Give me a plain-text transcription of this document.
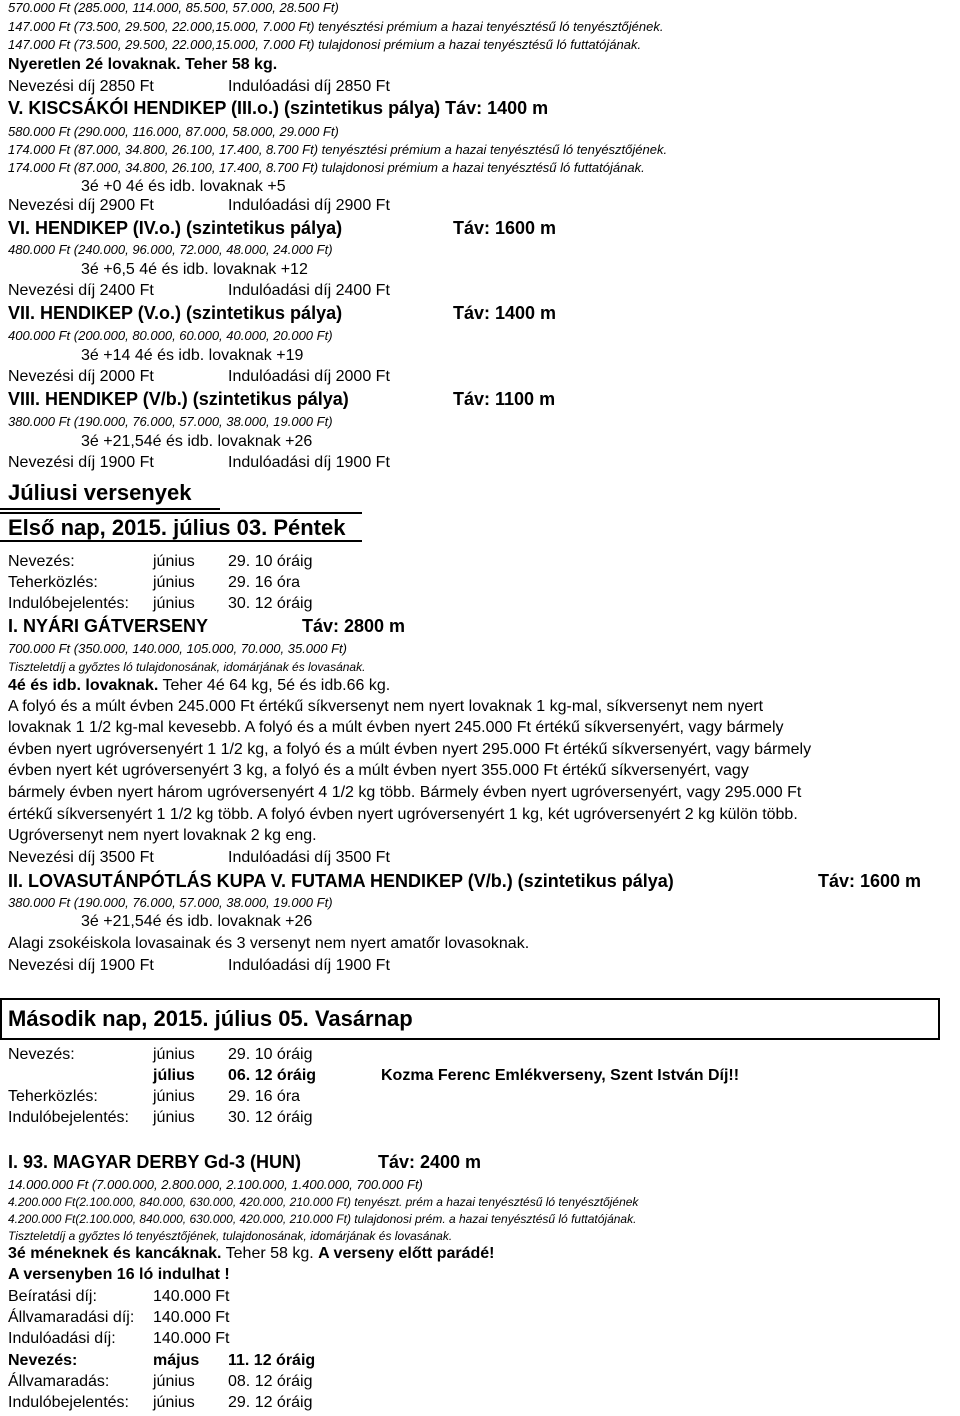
570.000 Ft (285.000, 114.000, 85.500, 57.000, 28.500 Ft)
147.000 Ft (73.500, 29.500, 22.000,15.000, 7.000 Ft) tenyésztési prémium a hazai tenyésztésű ló tenyésztőjének.
147.000 Ft (73.500, 29.500, 22.000,15.000, 7.000 Ft) tulajdonosi prémium a hazai tenyésztésű ló futtatójának.
Nyeretlen 2é lovaknak. Teher 58 kg.
Nevezési díj 2850 Ft	Indulóadási díj 2850 Ft
V. KISCSÁKÓI HENDIKEP (III.o.) (szintetikus pálya) Táv: 1400 m
580.000 Ft (290.000, 116.000, 87.000, 58.000, 29.000 Ft)
174.000 Ft (87.000, 34.800, 26.100, 17.400, 8.700 Ft) tenyésztési prémium a hazai tenyésztésű ló tenyésztőjének.
174.000 Ft (87.000, 34.800, 26.100, 17.400, 8.700 Ft) tulajdonosi prémium a hazai tenyésztésű ló futtatójának.
3é +0 4é és idb. lovaknak +5
Nevezési díj 2900 Ft	Indulóadási díj 2900 Ft
VI. HENDIKEP (IV.o.) (szintetikus pálya)	Táv: 1600 m
480.000 Ft (240.000, 96.000, 72.000, 48.000, 24.000 Ft)
3é +6,5 4é és idb. lovaknak +12
Nevezési díj 2400 Ft	Indulóadási díj 2400 Ft
VII. HENDIKEP (V.o.) (szintetikus pálya)	Táv: 1400 m
400.000 Ft (200.000, 80.000, 60.000, 40.000, 20.000 Ft)
3é +14 4é és idb. lovaknak +19
Nevezési díj 2000 Ft	Indulóadási díj 2000 Ft
VIII. HENDIKEP (V/b.) (szintetikus pálya)	Táv: 1100 m
380.000 Ft (190.000, 76.000, 57.000, 38.000, 19.000 Ft)
3é +21,54é és idb. lovaknak +26
Nevezési díj 1900 Ft	Indulóadási díj 1900 Ft
Júliusi versenyek
Első nap, 2015. július 03. Péntek
Nevezés:	június 29. 10 óráig
Teherközlés:	június 29. 16 óra
Indulóbejelentés: június 30. 12 óráig
I. NYÁRI GÁTVERSENY	Táv: 2800 m
700.000 Ft (350.000, 140.000, 105.000, 70.000, 35.000 Ft)
Tiszteletdíj a győztes ló tulajdonosának, idomárjának és lovasának.
4é és idb. lovaknak. Teher 4é 64 kg, 5é és idb.66 kg.
A folyó és a múlt évben 245.000 Ft értékű síkversenyt nem nyert lovaknak 1 kg-mal, síkversenyt nem nyert
lovaknak 1 1/2 kg-mal kevesebb. A folyó és a múlt évben nyert 245.000 Ft értékű síkversenyért, vagy bármely
évben nyert ugróversenyért 1 1/2 kg, a folyó és a múlt évben nyert 295.000 Ft értékű síkversenyért, vagy bármely
évben nyert két ugróversenyért 3 kg, a folyó és a múlt évben nyert 355.000 Ft értékű síkversenyért, vagy
bármely évben nyert három ugróversenyért 4 1/2 kg több. Bármely évben nyert ugróversenyért, vagy 295.000 Ft
értékű síkversenyért 1 1/2 kg több. A folyó évben nyert ugróversenyért 1 kg, két ugróversenyért 2 kg külön több.
Ugróversenyt nem nyert lovaknak 2 kg eng.
Nevezési díj 3500 Ft	Indulóadási díj 3500 Ft
II. LOVASUTÁNPÓTLÁS KUPA V. FUTAMA HENDIKEP (V/b.) (szintetikus pálya)	Táv: 1600 m
380.000 Ft (190.000, 76.000, 57.000, 38.000, 19.000 Ft)
3é +21,54é és idb. lovaknak +26
Alagi zsokéiskola lovasainak és 3 versenyt nem nyert amatőr lovasoknak.
Nevezési díj 1900 Ft	Indulóadási díj 1900 Ft
Második nap, 2015. július 05. Vasárnap
Nevezés:	június 29. 10 óráig
július 06. 12 óráig	Kozma Ferenc Emlékverseny, Szent István Díj!!
Teherközlés:	június 29. 16 óra
Indulóbejelentés: június 30. 12 óráig
I. 93. MAGYAR DERBY Gd-3 (HUN)	Táv: 2400 m
14.000.000 Ft (7.000.000, 2.800.000, 2.100.000, 1.400.000, 700.000 Ft)
4.200.000 Ft(2.100.000, 840.000, 630.000, 420.000, 210.000 Ft) tenyészt. prém a hazai tenyésztésű ló tenyésztőjének
4.200.000 Ft(2.100.000, 840.000, 630.000, 420.000, 210.000 Ft) tulajdonosi prém. a hazai tenyésztésű ló futtatójának.
Tiszteletdíj a győztes ló tenyésztőjének, tulajdonosának, idomárjának és lovasának.
3é méneknek és kancáknak. Teher 58 kg. A verseny előtt parádé!
A versenyben 16 ló indulhat !
Beíratási díj:	140.000 Ft
Állvamaradási díj: 140.000 Ft
Indulóadási díj: 140.000 Ft
Nevezés:	május 11. 12 óráig
Állvamaradás:	június 08. 12 óráig
Indulóbejelentés: június 29. 12 óráig
